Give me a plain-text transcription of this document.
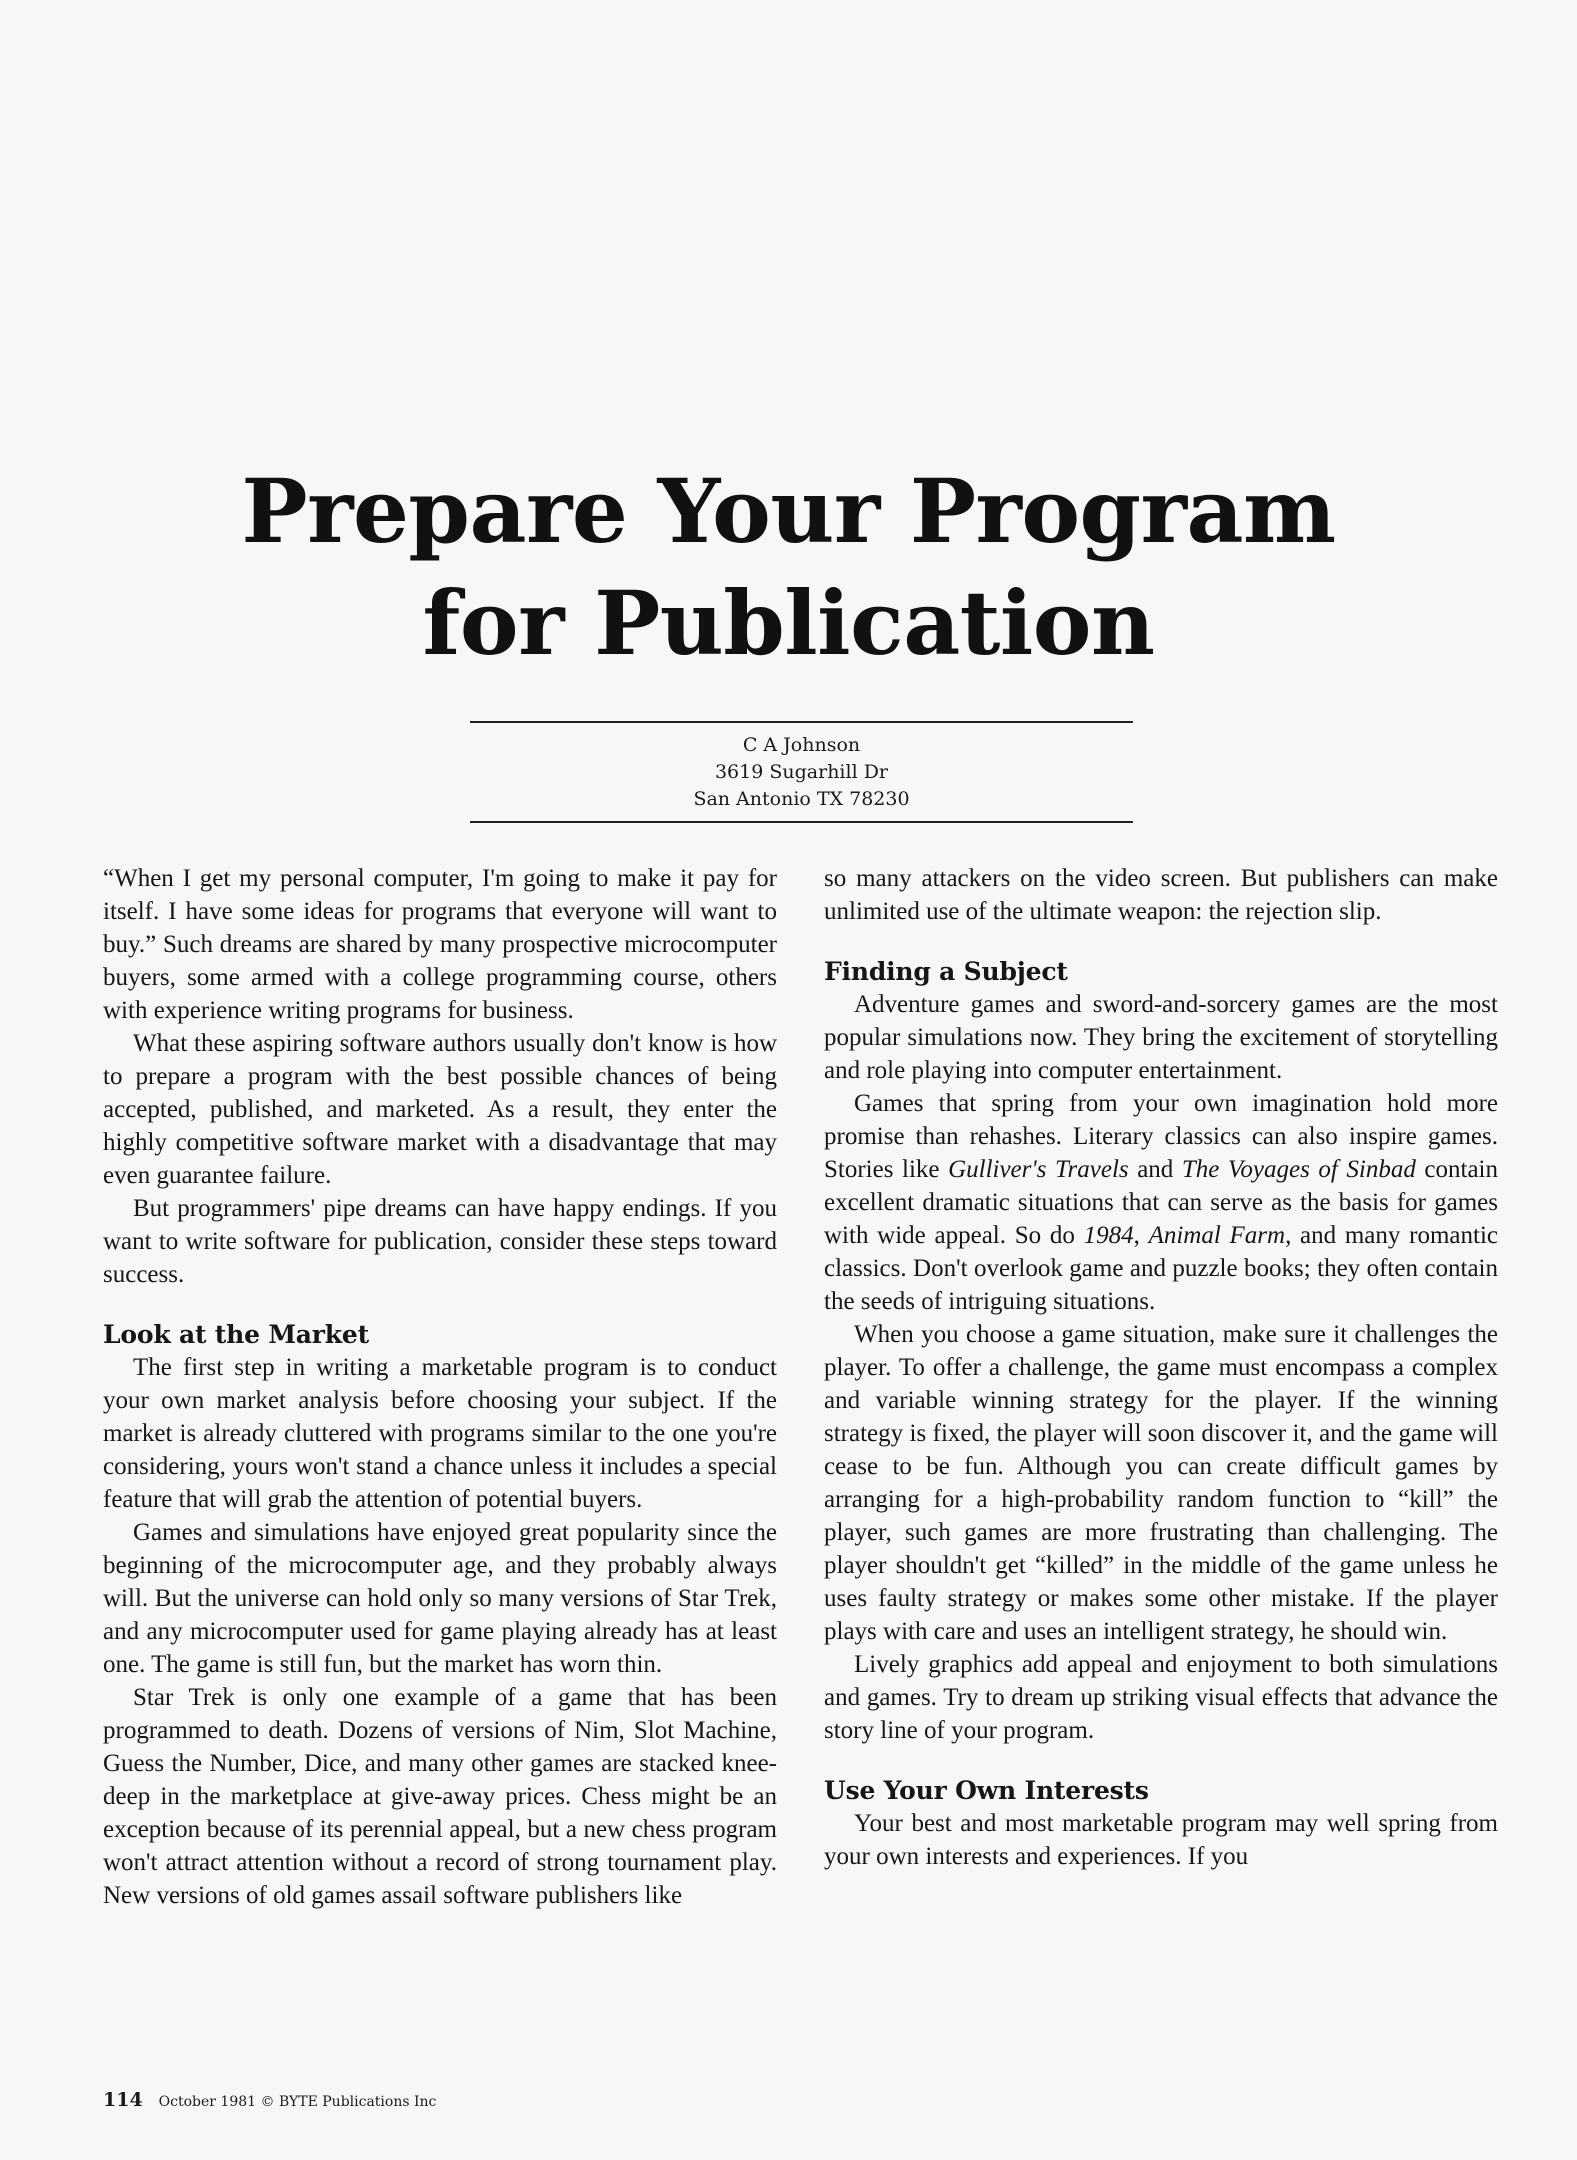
Prepare Your Program
for Publication
C A Johnson
3619 Sugarhill Dr
San Antonio TX 78230

“When I get my personal computer, I'm going to make it pay for itself. I have some ideas for programs that everyone will want to buy.” Such dreams are shared by many prospective microcomputer buyers, some armed with a college programming course, others with experience writing programs for business.

What these aspiring software authors usually don't know is how to prepare a program with the best possible chances of being accepted, published, and marketed. As a result, they enter the highly competitive software market with a disadvantage that may even guarantee failure.

But programmers' pipe dreams can have happy endings. If you want to write software for publication, consider these steps toward success.

Look at the Market

The first step in writing a marketable program is to conduct your own market analysis before choosing your subject. If the market is already cluttered with programs similar to the one you're considering, yours won't stand a chance unless it includes a special feature that will grab the attention of potential buyers.

Games and simulations have enjoyed great popularity since the beginning of the microcomputer age, and they probably always will. But the universe can hold only so many versions of Star Trek, and any microcomputer used for game playing already has at least one. The game is still fun, but the market has worn thin.

Star Trek is only one example of a game that has been programmed to death. Dozens of versions of Nim, Slot Machine, Guess the Number, Dice, and many other games are stacked knee-deep in the marketplace at give-away prices. Chess might be an exception because of its perennial appeal, but a new chess program won't attract attention without a record of strong tournament play. New versions of old games assail software publishers like

so many attackers on the video screen. But publishers can make unlimited use of the ultimate weapon: the rejection slip.

Finding a Subject

Adventure games and sword-and-sorcery games are the most popular simulations now. They bring the excitement of storytelling and role playing into computer entertainment.

Games that spring from your own imagination hold more promise than rehashes. Literary classics can also inspire games. Stories like Gulliver's Travels and The Voyages of Sinbad contain excellent dramatic situations that can serve as the basis for games with wide appeal. So do 1984, Animal Farm, and many romantic classics. Don't overlook game and puzzle books; they often contain the seeds of intriguing situations.

When you choose a game situation, make sure it challenges the player. To offer a challenge, the game must encompass a complex and variable winning strategy for the player. If the winning strategy is fixed, the player will soon discover it, and the game will cease to be fun. Although you can create difficult games by arranging for a high-probability random function to “kill” the player, such games are more frustrating than challenging. The player shouldn't get “killed” in the middle of the game unless he uses faulty strategy or makes some other mistake. If the player plays with care and uses an intelligent strategy, he should win.

Lively graphics add appeal and enjoyment to both simulations and games. Try to dream up striking visual effects that advance the story line of your program.

Use Your Own Interests

Your best and most marketable program may well spring from your own interests and experiences. If you

114 October 1981 © BYTE Publications Inc
